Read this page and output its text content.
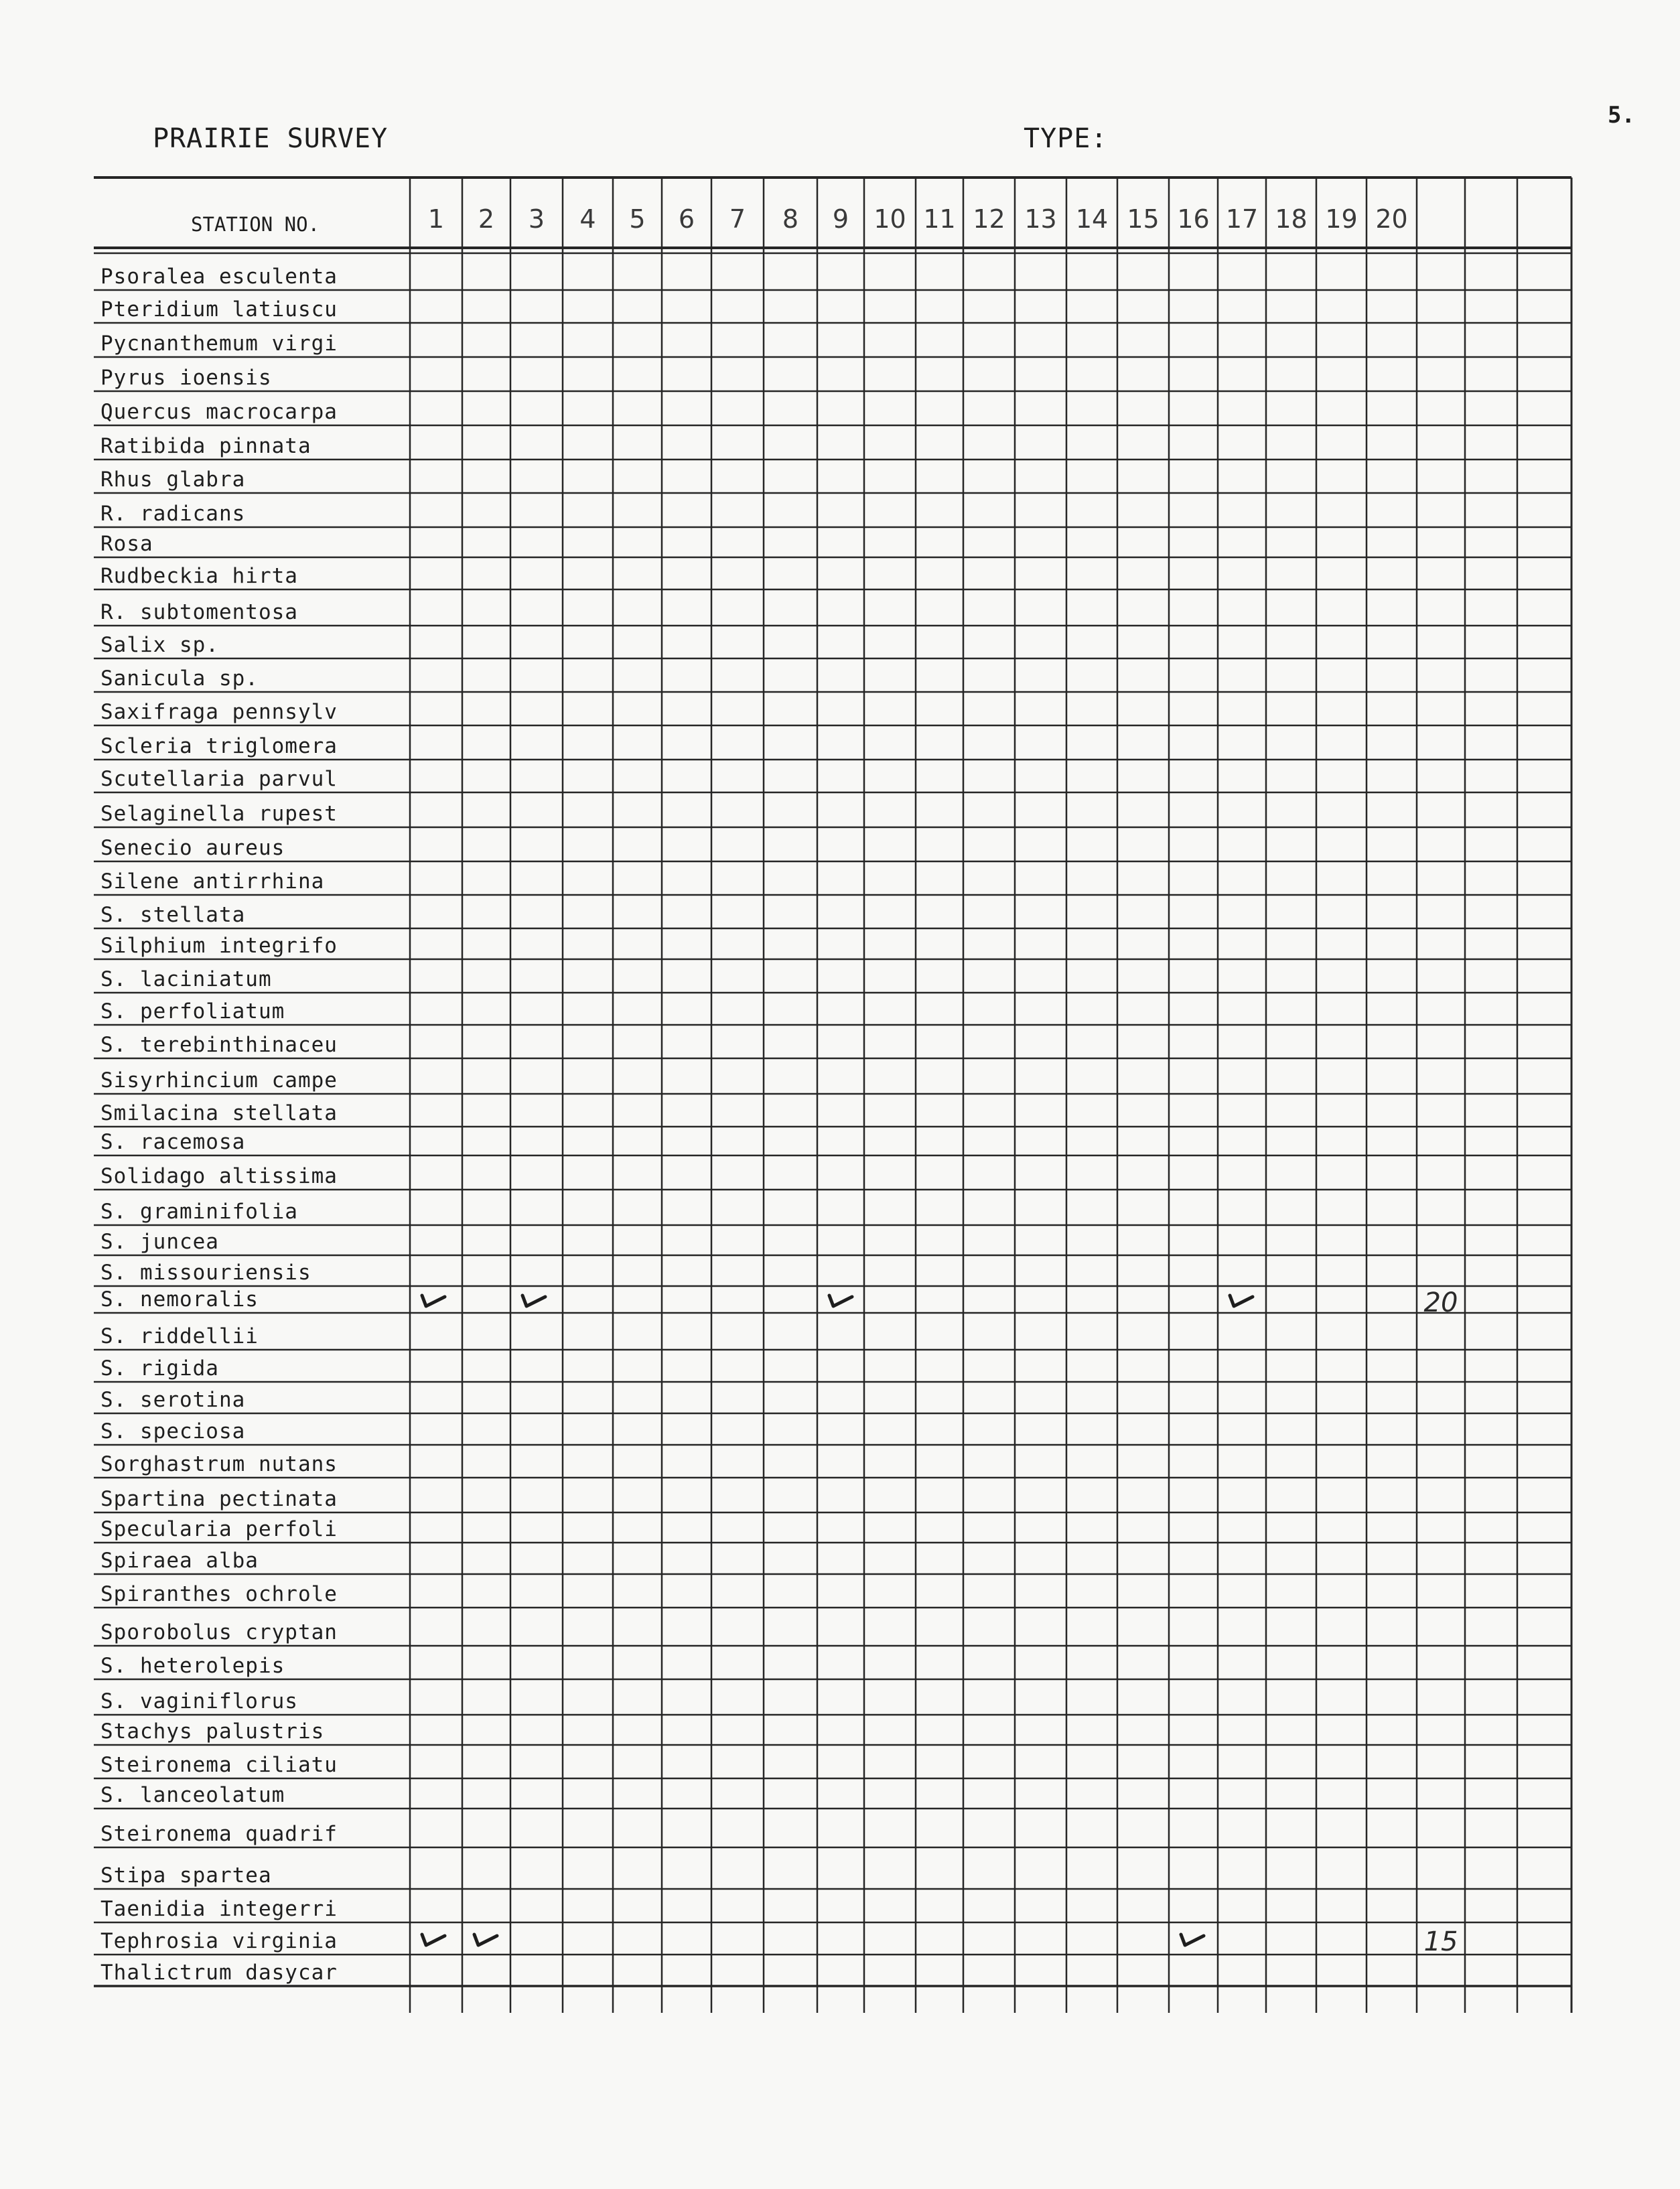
5.
PRAIRIE SURVEY	TYPE:
STATION NO.	1 2 3 4 5 6 7 8 9 10 11 12 13 14 15 16 17 18 19 20
Psoralea esculenta
Pteridium latiuscu
Pycnanthemum virgi
Pyrus ioensis
Quercus macrocarpa
Ratibida pinnata
Rhus glabra
R. radicans
Rosa
Rudbeckia hirta
R. subtomentosa
Salix sp.
Sanicula sp.
Saxifraga pennsylv
Scleria triglomera
Scutellaria parvul
Selaginella rupest
Senecio aureus
Silene antirrhina
S. stellata
Silphium integrifo
S. laciniatum
S. perfoliatum
S. terebinthinaceu
Sisyrhincium campe
Smilacina stellata
S. racemosa
Solidago altissima
S. graminifolia
S. juncea
S. missouriensis
S. nemoralis
S. riddellii
S. rigida
S. serotina
S. speciosa
Sorghastrum nutans
Spartina pectinata
Specularia perfoli
Spiraea alba
Spiranthes ochrole
Sporobolus cryptan
S. heterolepis
S. vaginiflorus
Stachys palustris
Steironema ciliatu
S. lanceolatum
Steironema quadrif
Stipa spartea
Taenidia integerri
Tephrosia virginia
Thalictrum dasycar
20
15
